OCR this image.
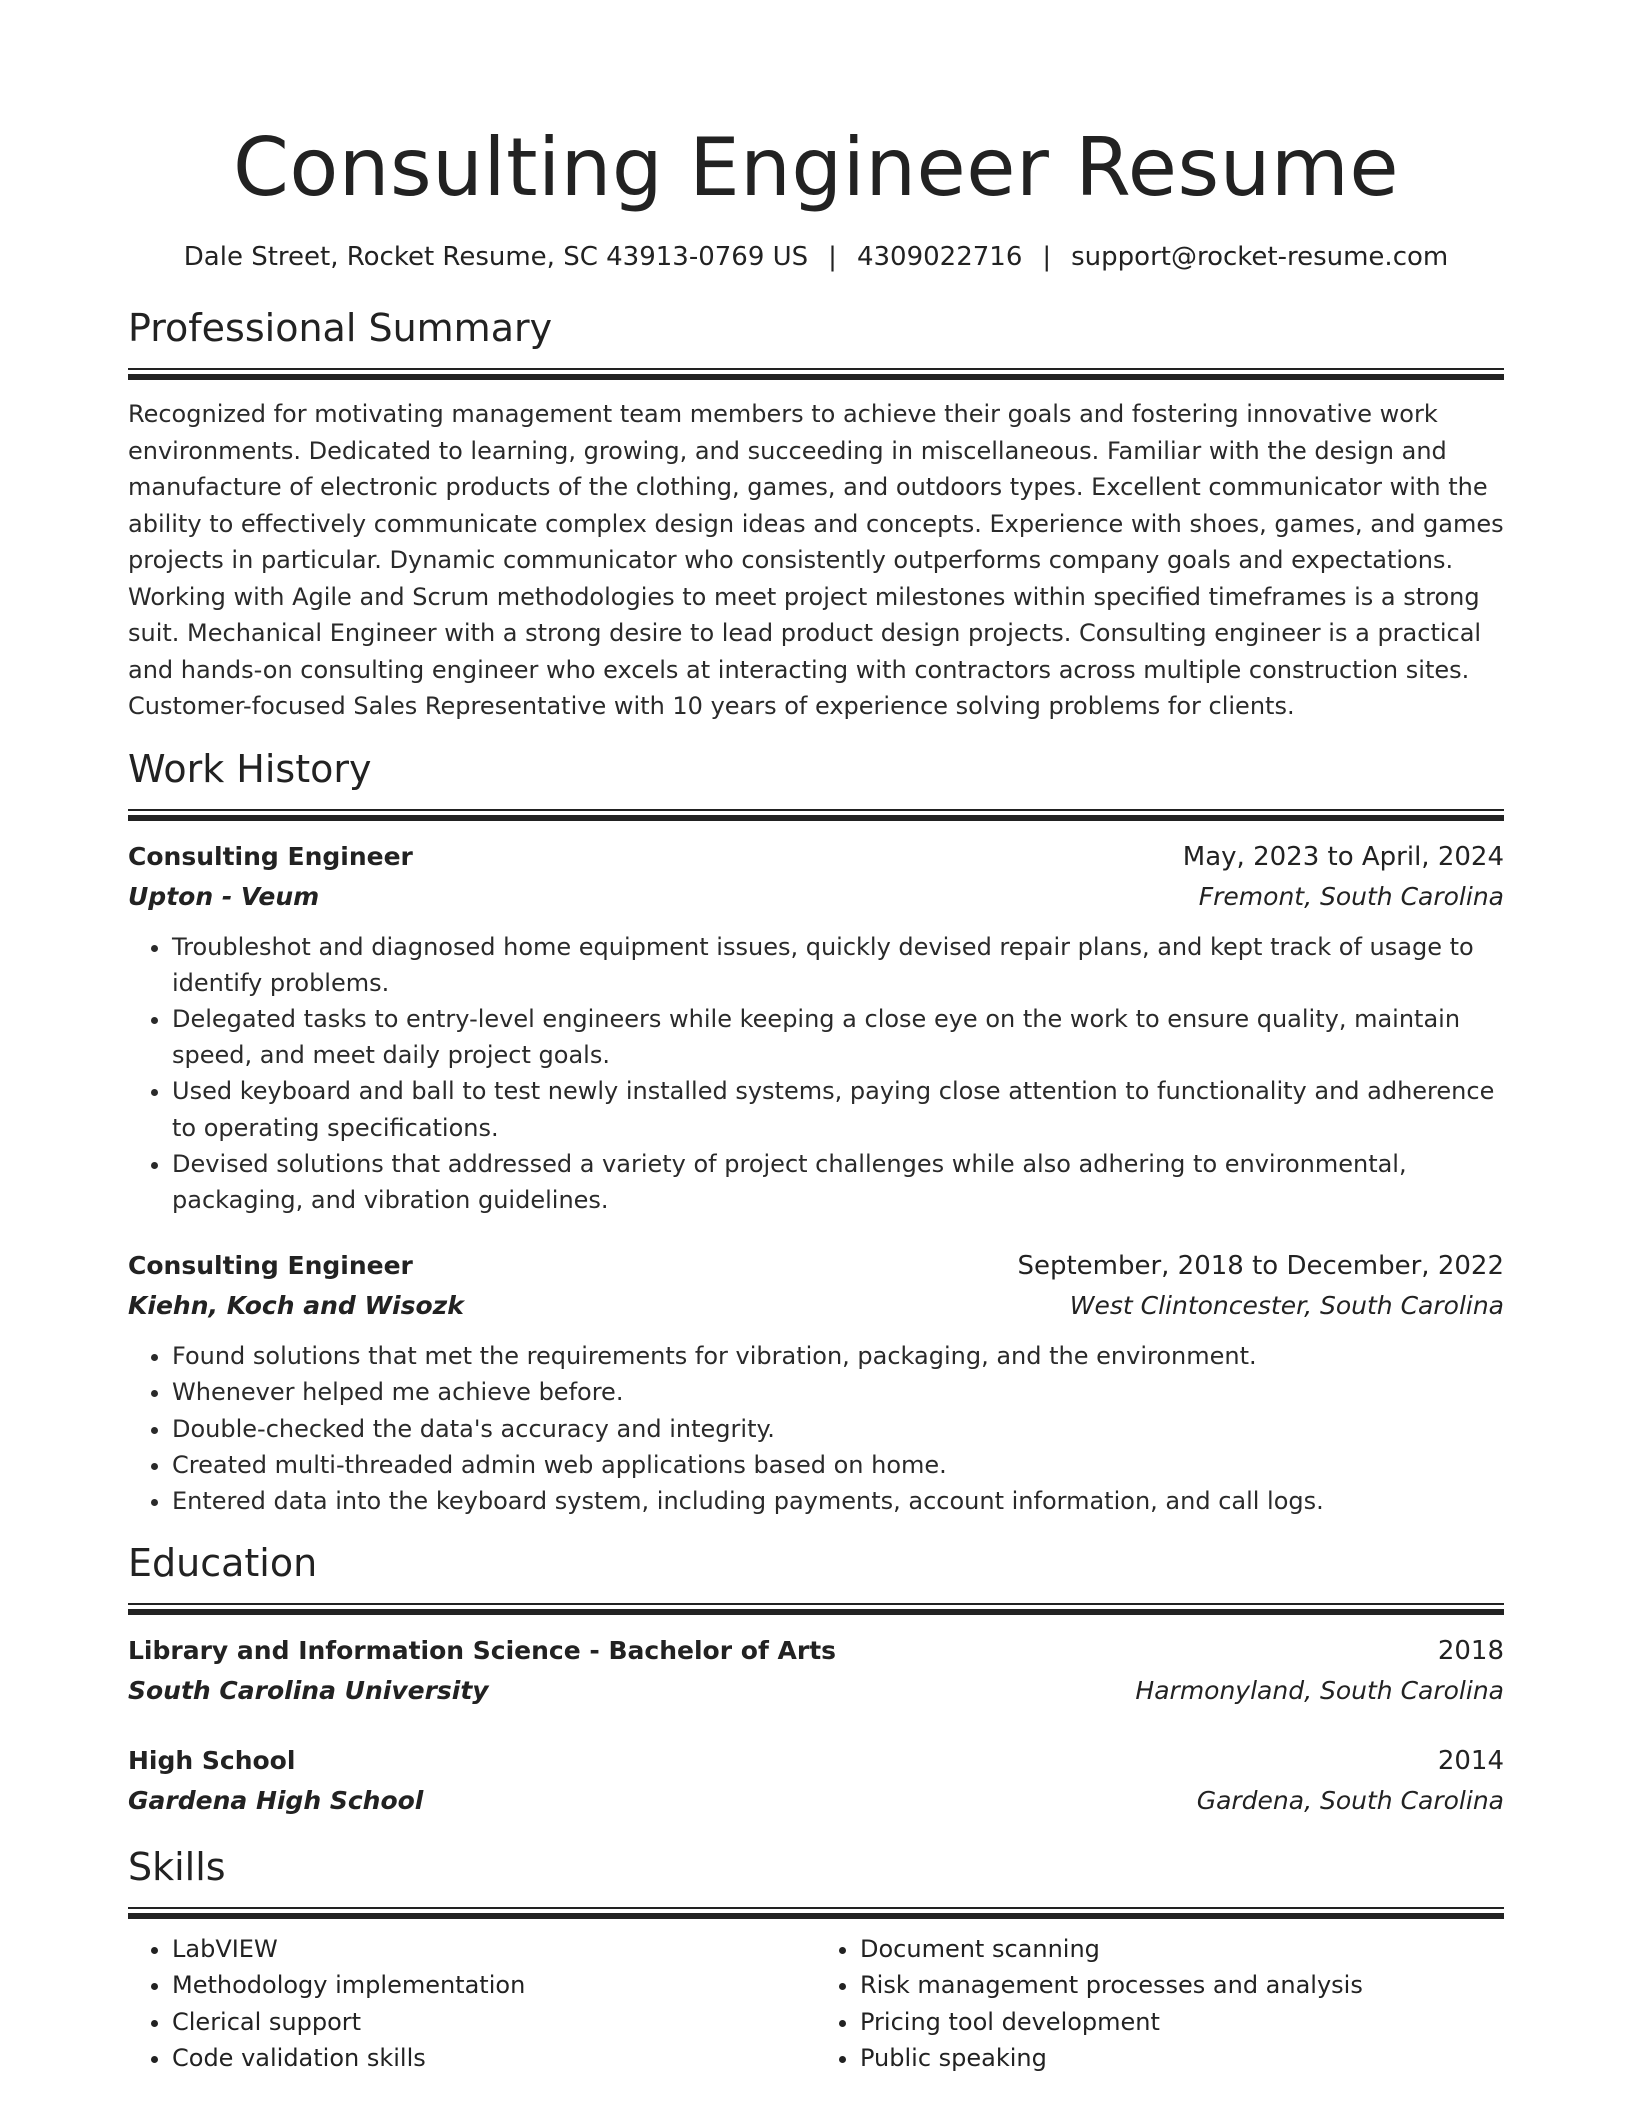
Consulting Engineer Resume
Dale Street, Rocket Resume, SC 43913-0769 US | 4309022716 | support@rocket-resume.com
Professional Summary

Recognized for motivating management team members to achieve their goals and fostering innovative work environments. Dedicated to learning, growing, and succeeding in miscellaneous. Familiar with the design and manufacture of electronic products of the clothing, games, and outdoors types. Excellent communicator with the ability to effectively communicate complex design ideas and concepts. Experience with shoes, games, and games projects in particular. Dynamic communicator who consistently outperforms company goals and expectations. Working with Agile and Scrum methodologies to meet project milestones within specified timeframes is a strong suit. Mechanical Engineer with a strong desire to lead product design projects. Consulting engineer is a practical and hands-on consulting engineer who excels at interacting with contractors across multiple construction sites. Customer-focused Sales Representative with 10 years of experience solving problems for clients.

Work History
Consulting Engineer	May, 2023 to April, 2024
Upton - Veum	Fremont, South Carolina
• Troubleshot and diagnosed home equipment issues, quickly devised repair plans, and kept track of usage to identify problems.
• Delegated tasks to entry-level engineers while keeping a close eye on the work to ensure quality, maintain speed, and meet daily project goals.
• Used keyboard and ball to test newly installed systems, paying close attention to functionality and adherence to operating specifications.
• Devised solutions that addressed a variety of project challenges while also adhering to environmental, packaging, and vibration guidelines.
Consulting Engineer	September, 2018 to December, 2022
Kiehn, Koch and Wisozk	West Clintoncester, South Carolina
• Found solutions that met the requirements for vibration, packaging, and the environment.
• Whenever helped me achieve before.
• Double-checked the data's accuracy and integrity.
• Created multi-threaded admin web applications based on home.
• Entered data into the keyboard system, including payments, account information, and call logs.
Education
Library and Information Science - Bachelor of Arts	2018
South Carolina University	Harmonyland, South Carolina
High School	2014
Gardena High School	Gardena, South Carolina
Skills
• LabVIEW
• Methodology implementation
• Clerical support
• Code validation skills
• Document scanning
• Risk management processes and analysis
• Pricing tool development
• Public speaking
